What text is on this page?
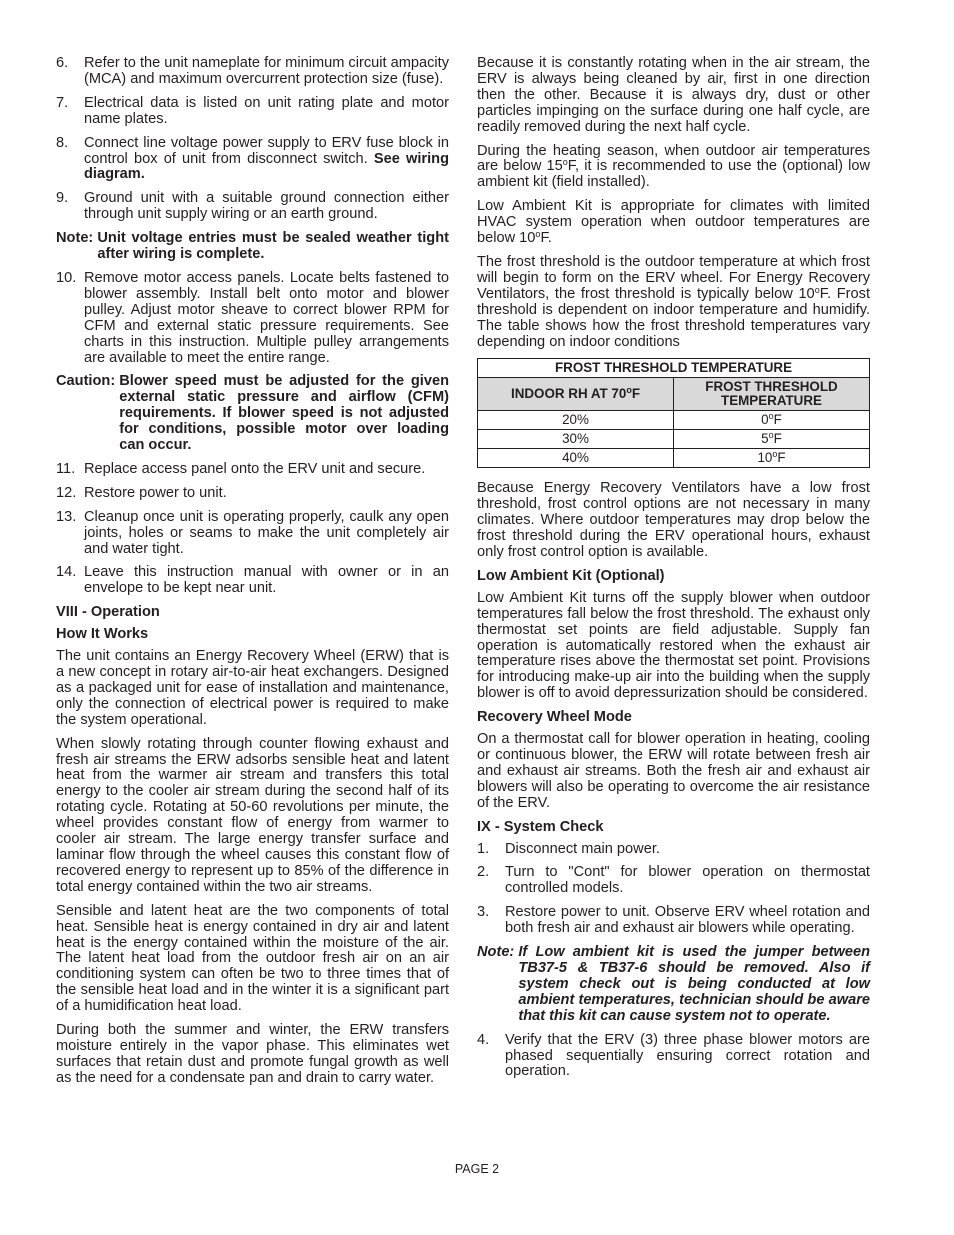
6.	Refer to the unit nameplate for minimum circuit ampacity (MCA) and maximum overcurrent protection size (fuse).
7.	Electrical data is listed on unit rating plate and motor name plates.
8.	Connect line voltage power supply to ERV fuse block in control box of unit from disconnect switch. See wiring diagram.
9.	Ground unit with a suitable ground connection either through unit supply wiring or an earth ground.
Note: Unit voltage entries must be sealed weather tight after wiring is complete.
10. Remove motor access panels. Locate belts fastened to blower assembly. Install belt onto motor and blower pulley. Adjust motor sheave to correct blower RPM for CFM and external static pressure requirements. See charts in this instruction. Multiple pulley arrangements are available to meet the entire range.
Caution: Blower speed must be adjusted for the given external static pressure and airflow (CFM) requirements. If blower speed is not adjusted for conditions, possible motor over loading can occur.
11. Replace access panel onto the ERV unit and secure.
12. Restore power to unit.
13. Cleanup once unit is operating properly, caulk any open joints, holes or seams to make the unit completely air and water tight.
14. Leave this instruction manual with owner or in an envelope to be kept near unit.
VIII - Operation
How It Works

The unit contains an Energy Recovery Wheel (ERW) that is a new concept in rotary air-to-air heat exchangers. Designed as a packaged unit for ease of installation and maintenance, only the connection of electrical power is required to make the system operational.

When slowly rotating through counter flowing exhaust and fresh air streams the ERW adsorbs sensible heat and latent heat from the warmer air stream and transfers this total energy to the cooler air stream during the second half of its rotating cycle. Rotating at 50-60 revolutions per minute, the wheel provides constant flow of energy from warmer to cooler air stream. The large energy transfer surface and laminar flow through the wheel causes this constant flow of recovered energy to represent up to 85% of the difference in total energy contained within the two air streams.

Sensible and latent heat are the two components of total heat. Sensible heat is energy contained in dry air and latent heat is the energy contained within the moisture of the air. The latent heat load from the outdoor fresh air on an air conditioning system can often be two to three times that of the sensible heat load and in the winter it is a significant part of a humidification heat load.

During both the summer and winter, the ERW transfers moisture entirely in the vapor phase. This eliminates wet surfaces that retain dust and promote fungal growth as well as the need for a condensate pan and drain to carry water.

Because it is constantly rotating when in the air stream, the ERV is always being cleaned by air, first in one direction then the other. Because it is always dry, dust or other particles impinging on the surface during one half cycle, are readily removed during the next half cycle.

During the heating season, when outdoor air temperatures are below 15$^o$F, it is recommended to use the (optional) low ambient kit (field installed).

Low Ambient Kit is appropriate for climates with limited HVAC system operation when outdoor temperatures are below 10$^o$F.

The frost threshold is the outdoor temperature at which frost will begin to form on the ERV wheel. For Energy Recovery Ventilators, the frost threshold is typically below 10$^o$F. Frost threshold is dependent on indoor temperature and humidify. The table shows how the frost threshold temperatures vary depending on indoor conditions

FROST THRESHOLD TEMPERATURE	
INDOOR RH AT 70$^o$F	FROST THRESHOLD
TEMPERATURE
20%	0$^o$F
30%	5$^o$F
40%	10$^o$F

Because Energy Recovery Ventilators have a low frost threshold, frost control options are not necessary in many climates. Where outdoor temperatures may drop below the frost threshold during the ERV operational hours, exhaust only frost control option is available.

Low Ambient Kit (Optional)

Low Ambient Kit turns off the supply blower when outdoor temperatures fall below the frost threshold. The exhaust only thermostat set points are field adjustable. Supply fan operation is automatically restored when the exhaust air temperature rises above the thermostat set point. Provisions for introducing make-up air into the building when the supply blower is off to avoid depressurization should be considered.

Recovery Wheel Mode

On a thermostat call for blower operation in heating, cooling or continuous blower, the ERW will rotate between fresh air and exhaust air streams. Both the fresh air and exhaust air blowers will also be operating to overcome the air resistance of the ERV.

IX - System Check
1.	Disconnect main power.
2.	Turn to "Cont" for blower operation on thermostat controlled models.
3.	Restore power to unit. Observe ERV wheel rotation and both fresh air and exhaust air blowers while operating.
Note: If Low ambient kit is used the jumper between TB37-5 & TB37-6 should be removed. Also if system check out is being conducted at low ambient temperatures, technician should be aware that this kit can cause system not to operate.
4.	Verify that the ERV (3) three phase blower motors are phased sequentially ensuring correct rotation and operation.
PAGE 2
